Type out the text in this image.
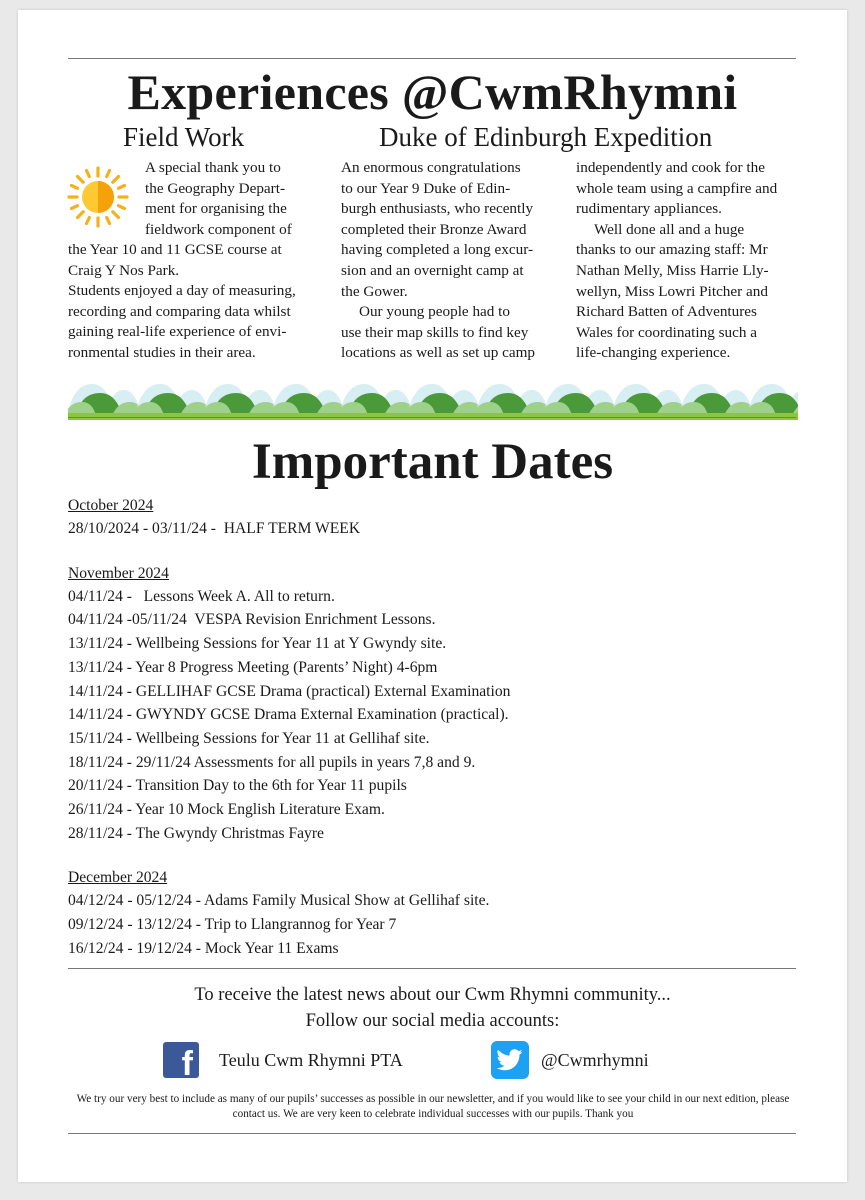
Experiences @CwmRhymni
Field Work	Duke of Edinburgh Expedition

A special thank you to

the Geography Depart-

ment for organising the

fieldwork component of

the Year 10 and 11 GCSE course at

Craig Y Nos Park.

Students enjoyed a day of measuring,

recording and comparing data whilst

gaining real-life experience of envi-

ronmental studies in their area.

An enormous congratulations

to our Year 9 Duke of Edin-

burgh enthusiasts, who recently

completed their Bronze Award

having completed a long excur-

sion and an overnight camp at

the Gower.

Our young people had to

use their map skills to find key

locations as well as set up camp

independently and cook for the

whole team using a campfire and

rudimentary appliances.

Well done all and a huge

thanks to our amazing staff: Mr

Nathan Melly, Miss Harrie Lly-

wellyn, Miss Lowri Pitcher and

Richard Batten of Adventures

Wales for coordinating such a

life-changing experience.

Important Dates

October 2024

28/10/2024 - 03/11/24 -  HALF TERM WEEK

November 2024

04/11/24 -   Lessons Week A. All to return.

04/11/24 -05/11/24  VESPA Revision Enrichment Lessons.

13/11/24 - Wellbeing Sessions for Year 11 at Y Gwyndy site.

13/11/24 - Year 8 Progress Meeting (Parents’ Night) 4-6pm

14/11/24 - GELLIHAF GCSE Drama (practical) External Examination

14/11/24 - GWYNDY GCSE Drama External Examination (practical).

15/11/24 - Wellbeing Sessions for Year 11 at Gellihaf site.

18/11/24 - 29/11/24 Assessments for all pupils in years 7,8 and 9.

20/11/24 - Transition Day to the 6th for Year 11 pupils

26/11/24 - Year 10 Mock English Literature Exam.

28/11/24 - The Gwyndy Christmas Fayre

December 2024

04/12/24 - 05/12/24 - Adams Family Musical Show at Gellihaf site.

09/12/24 - 13/12/24 - Trip to Llangrannog for Year 7

16/12/24 - 19/12/24 - Mock Year 11 Exams

To receive the latest news about our Cwm Rhymni community...
Follow our social media accounts:
f Teulu Cwm Rhymni PTA	@Cwmrhymni
We try our very best to include as many of our pupils’ successes as possible in our newsletter, and if you would like to see your child in our next edition, please contact us. We are very keen to celebrate individual successes with our pupils. Thank you
